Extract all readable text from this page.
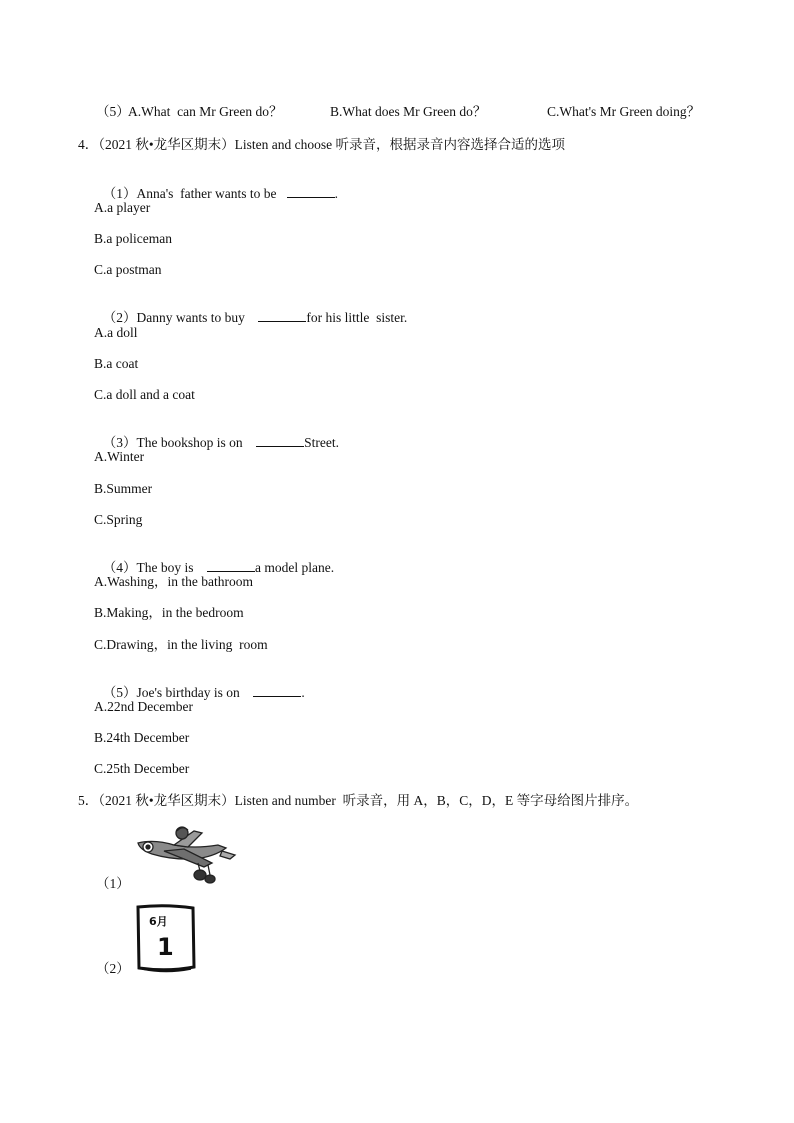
（5）
A.What  can Mr Green do？	B.What does Mr Green do？	C.What's Mr Green doing？
4．（2021 秋•龙华区期末）Listen and choose 听录音，根据录音内容选择合适的选项

（1）Anna's  father wants to be	.

A.a player
B.a policeman
C.a postman

（2）Danny wants to buy	for his little  sister.

A.a doll
B.a coat
C.a doll and a coat

（3）The bookshop is on	Street.

A.Winter
B.Summer
C.Spring

（4）The boy is	a model plane.

A.Washing，in the bathroom
B.Making，in the bedroom
C.Drawing，in the living  room

（5）Joe's birthday is on	.

A.22nd December
B.24th December
C.25th December
5．（2021 秋•龙华区期末）Listen and number  听录音，用 A，B，C，D，E 等字母给图片排序。
（1）
6月
1
（2）
